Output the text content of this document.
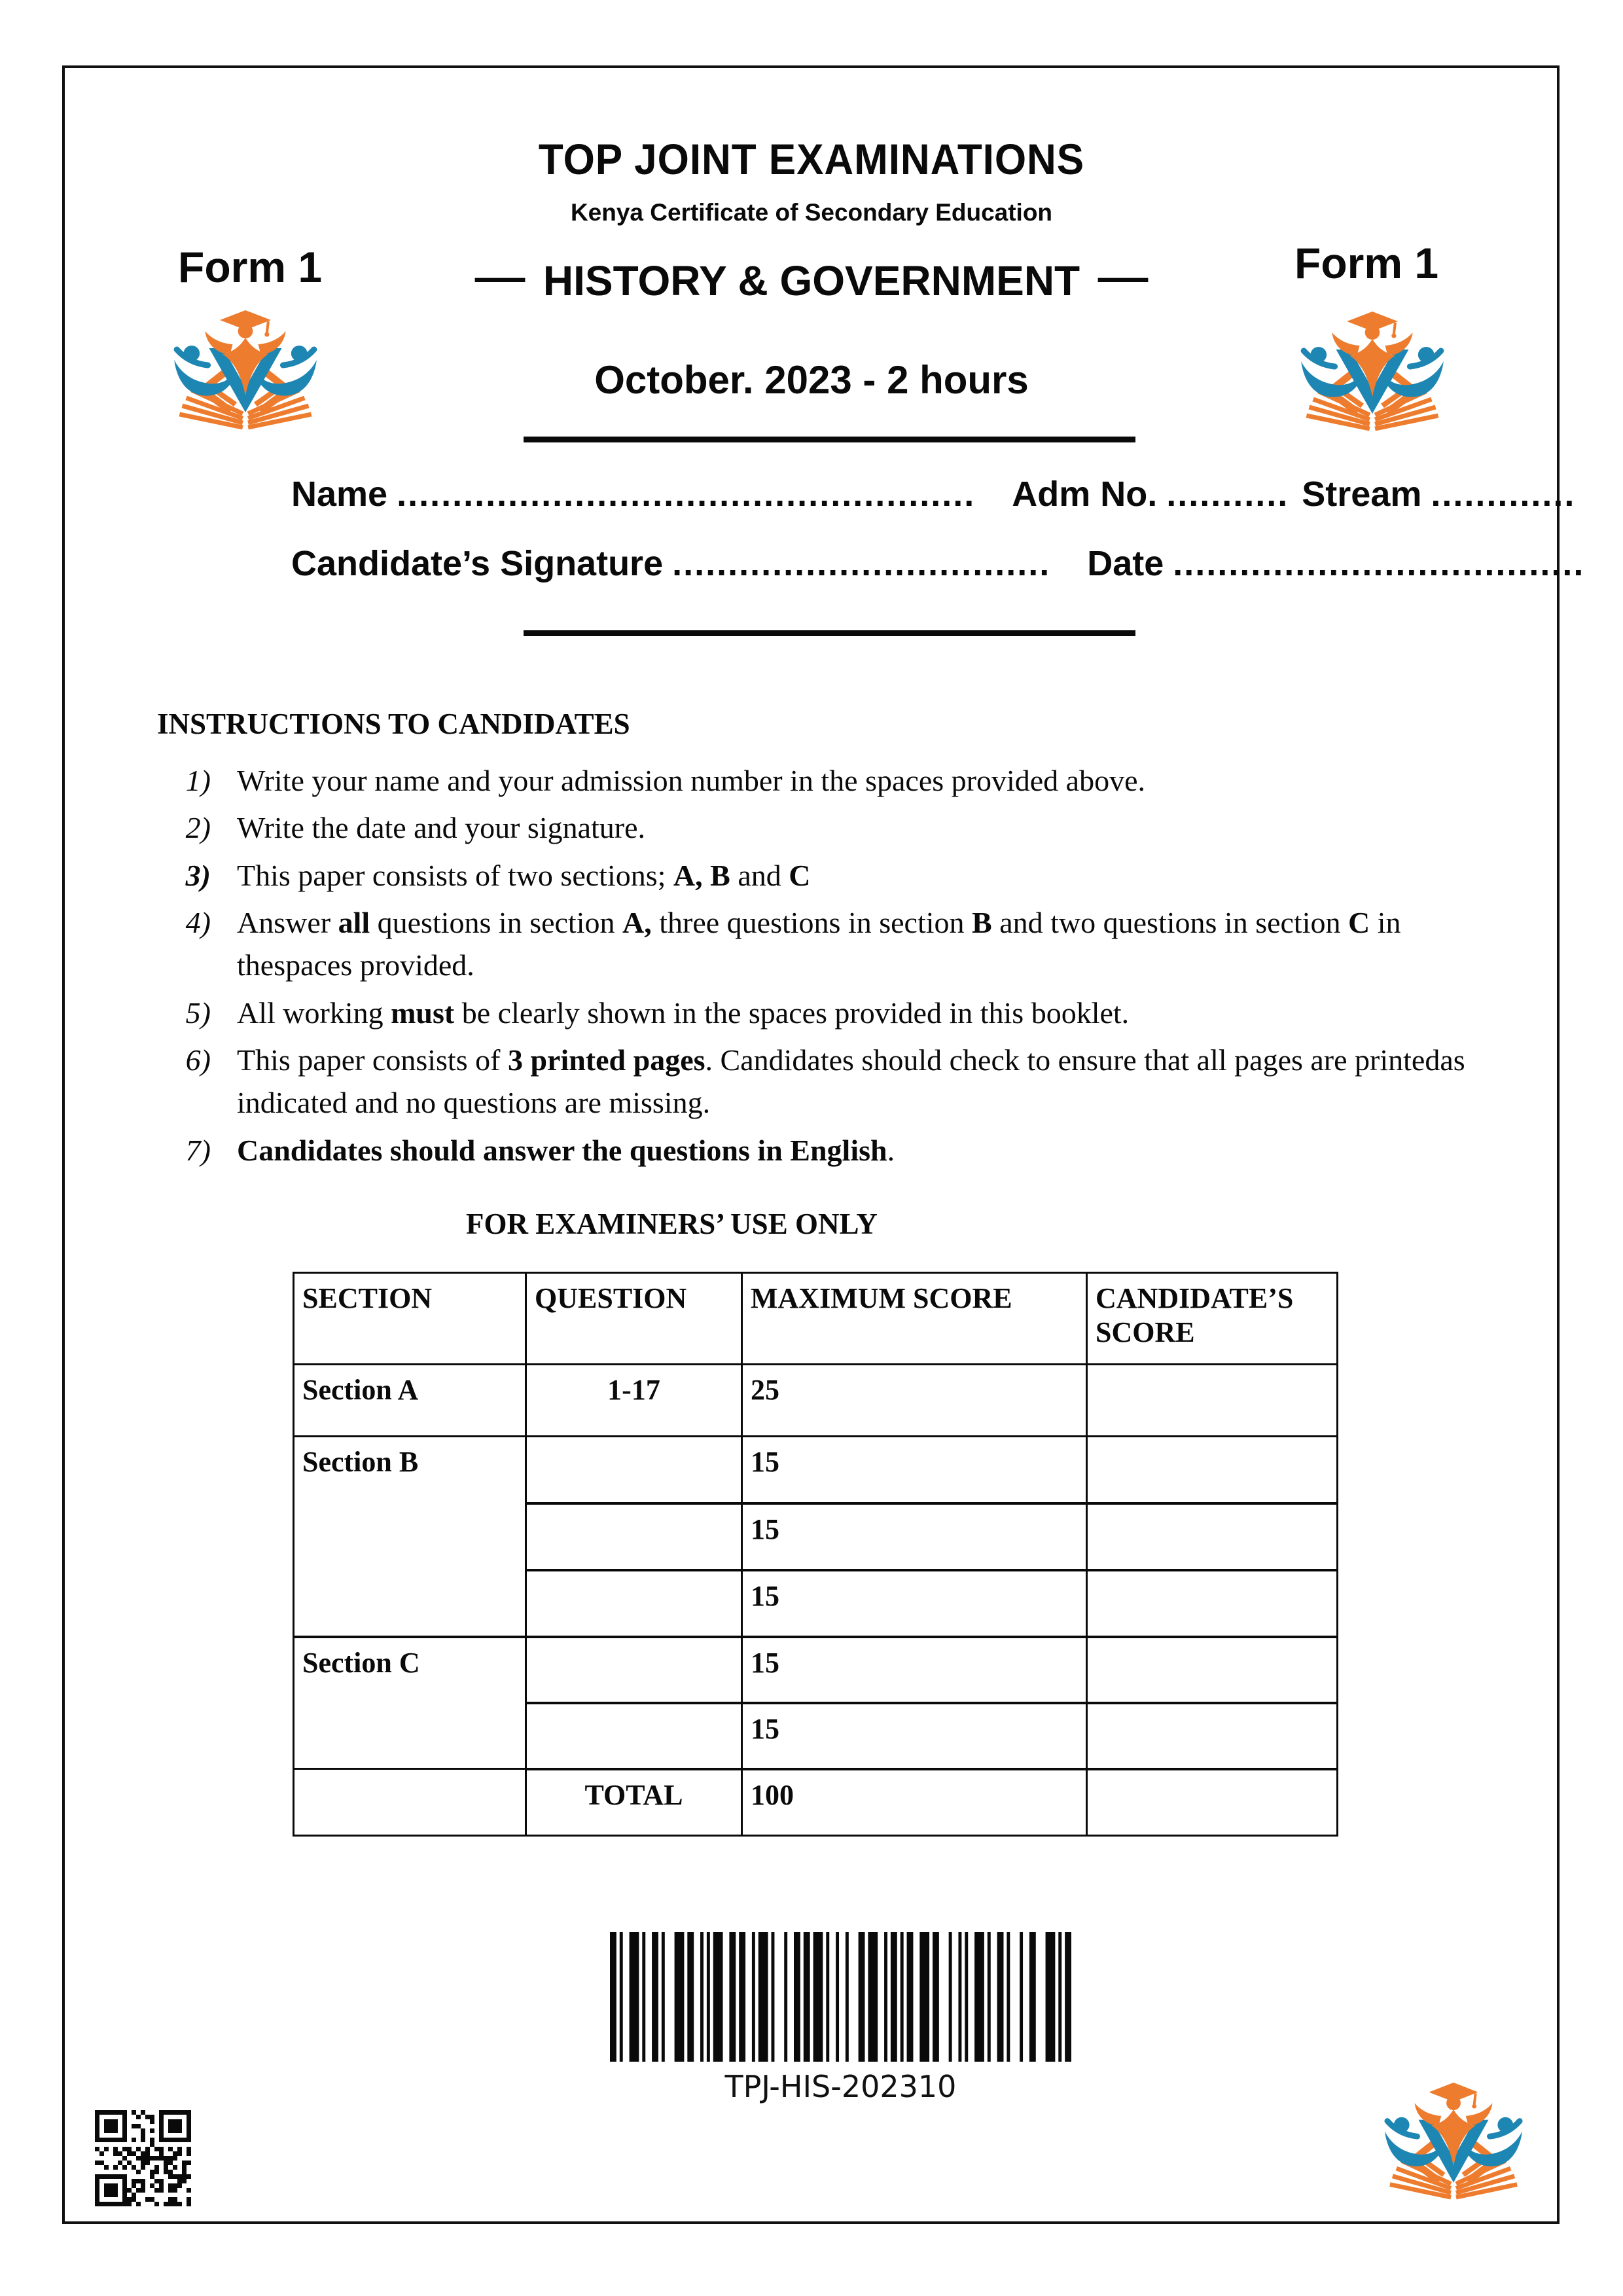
TOP JOINT EXAMINATIONS
Kenya Certificate of Secondary Education
— HISTORY & GOVERNMENT —
October. 2023 - 2 hours
Form 1	Form 1
Name .................................................... Adm No. ........... Stream .............
Candidate’s Signature .................................. Date .....................................
INSTRUCTIONS TO CANDIDATES
1) Write your name and your admission number in the spaces provided above.
2) Write the date and your signature.
3) This paper consists of two sections; A, B and C
4) Answer all questions in section A, three questions in section B and two questions in section C in thespaces provided.
5) All working must be clearly shown in the spaces provided in this booklet.
6) This paper consists of 3 printed pages. Candidates should check to ensure that all pages are printedas indicated and no questions are missing.
7) Candidates should answer the questions in English.
FOR EXAMINERS’ USE ONLY
SECTION	QUESTION	MAXIMUM SCORE	CANDIDATE’S SCORE
Section A	1-17	25	
Section B		15	
		15	
		15	
Section C		15	
		15	
	TOTAL	100	
TPJ-HIS-202310
